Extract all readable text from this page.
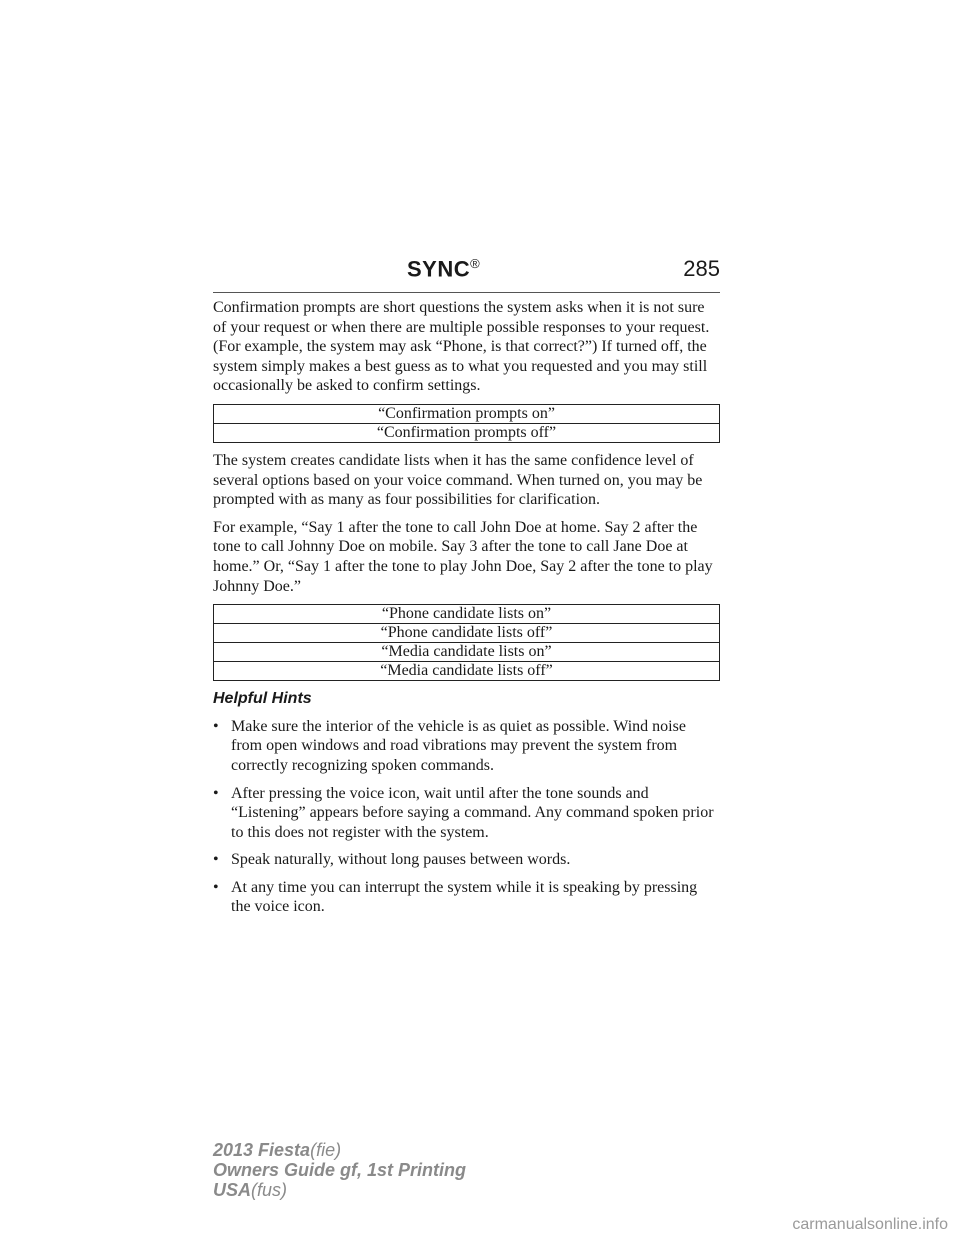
SYNC®	285

Confirmation prompts are short questions the system asks when it is not sure of your request or when there are multiple possible responses to your request. (For example, the system may ask “Phone, is that correct?”) If turned off, the system simply makes a best guess as to what you requested and you may still occasionally be asked to confirm settings.

“Confirmation prompts on”
“Confirmation prompts off”

The system creates candidate lists when it has the same confidence level of several options based on your voice command. When turned on, you may be prompted with as many as four possibilities for clarification.

For example, “Say 1 after the tone to call John Doe at home. Say 2 after the tone to call Johnny Doe on mobile. Say 3 after the tone to call Jane Doe at home.” Or, “Say 1 after the tone to play John Doe, Say 2 after the tone to play Johnny Doe.”

“Phone candidate lists on”
“Phone candidate lists off”
“Media candidate lists on”
“Media candidate lists off”
Helpful Hints
• Make sure the interior of the vehicle is as quiet as possible. Wind noise from open windows and road vibrations may prevent the system from correctly recognizing spoken commands.
• After pressing the voice icon, wait until after the tone sounds and “Listening” appears before saying a command. Any command spoken prior to this does not register with the system.
• Speak naturally, without long pauses between words.
• At any time you can interrupt the system while it is speaking by pressing the voice icon.
2013 Fiesta(fie)
Owners Guide gf, 1st Printing
USA(fus)
carmanualsonline.info
